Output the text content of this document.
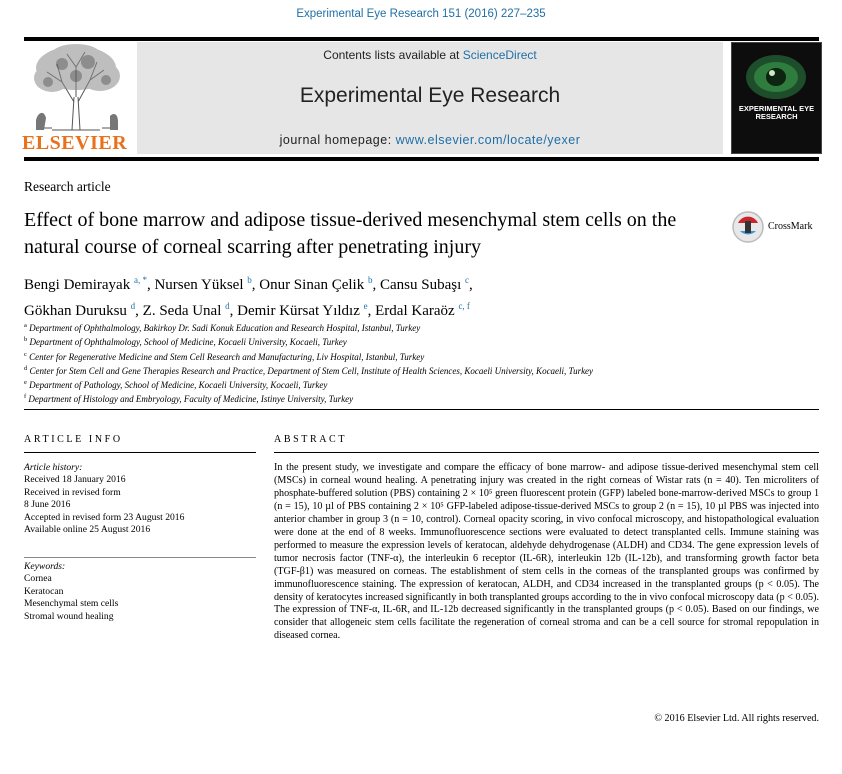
Experimental Eye Research 151 (2016) 227–235
ELSEVIER
Contents lists available at ScienceDirect
Experimental Eye Research
journal homepage: www.elsevier.com/locate/yexer
EXPERIMENTAL EYE RESEARCH
Research article
Effect of bone marrow and adipose tissue-derived mesenchymal stem cells on the natural course of corneal scarring after penetrating injury
CrossMark
Bengi Demirayak $^{a, *}$, Nursen Yüksel $^b$, Onur Sinan Çelik $^b$, Cansu Subaşı $^c$,
Gökhan Duruksu $^d$, Z. Seda Unal $^d$, Demir Kürsat Yıldız $^e$, Erdal Karaöz $^{c, f}$
$^a$ Department of Ophthalmology, Bakirkoy Dr. Sadi Konuk Education and Research Hospital, Istanbul, Turkey
$^b$ Department of Ophthalmology, School of Medicine, Kocaeli University, Kocaeli, Turkey
$^c$ Center for Regenerative Medicine and Stem Cell Research and Manufacturing, Liv Hospital, Istanbul, Turkey
$^d$ Center for Stem Cell and Gene Therapies Research and Practice, Department of Stem Cell, Institute of Health Sciences, Kocaeli University, Kocaeli, Turkey
$^e$ Department of Pathology, School of Medicine, Kocaeli University, Kocaeli, Turkey
$^f$ Department of Histology and Embryology, Faculty of Medicine, Istinye University, Turkey
ARTICLE INFO	ABSTRACT
Article history:
Received 18 January 2016
Received in revised form
8 June 2016
Accepted in revised form 23 August 2016
Available online 25 August 2016
Keywords:
Cornea
Keratocan
Mesenchymal stem cells
Stromal wound healing
In the present study, we investigate and compare the efficacy of bone marrow- and adipose tissue-derived mesenchymal stem cell (MSCs) in corneal wound healing. A penetrating injury was created in the right corneas of Wistar rats (n = 40). Ten microliters of phosphate-buffered solution (PBS) containing 2 × 10⁵ green fluorescent protein (GFP) labeled bone-marrow-derived MSCs to group 1 (n = 15), 10 µl of PBS containing 2 × 10⁵ GFP-labeled adipose-tissue-derived MSCs to group 2 (n = 15), 10 µl PBS was injected into anterior chamber in group 3 (n = 10, control). Corneal opacity scoring, in vivo confocal microscopy, and histopathological evaluation were done at the end of 8 weeks. Immunofluorescence sections were evaluated to detect transplanted cells. Immune staining was performed to measure the expression levels of keratocan, aldehyde dehydrogenase (ALDH) and CD34. The gene expression levels of tumor necrosis factor (TNF-α), the interleukin 6 receptor (IL-6R), interleukin 12b (IL-12b), and transforming growth factor beta (TGF-β1) was measured on corneas. The establishment of stem cells in the corneas of the transplanted groups was confirmed by immunofluorescence staining. The expression of keratocan, ALDH, and CD34 increased in the transplanted groups (p < 0.05). The density of keratocytes increased significantly in both transplanted groups according to the in vivo confocal microscopy data (p < 0.05). The expression of TNF-α, IL-6R, and IL-12b decreased significantly in the transplanted groups (p < 0.05). Based on our findings, we consider that allogeneic stem cells facilitate the regeneration of corneal stroma and can be a cell source for stromal repopulation in diseased cornea.
© 2016 Elsevier Ltd. All rights reserved.
